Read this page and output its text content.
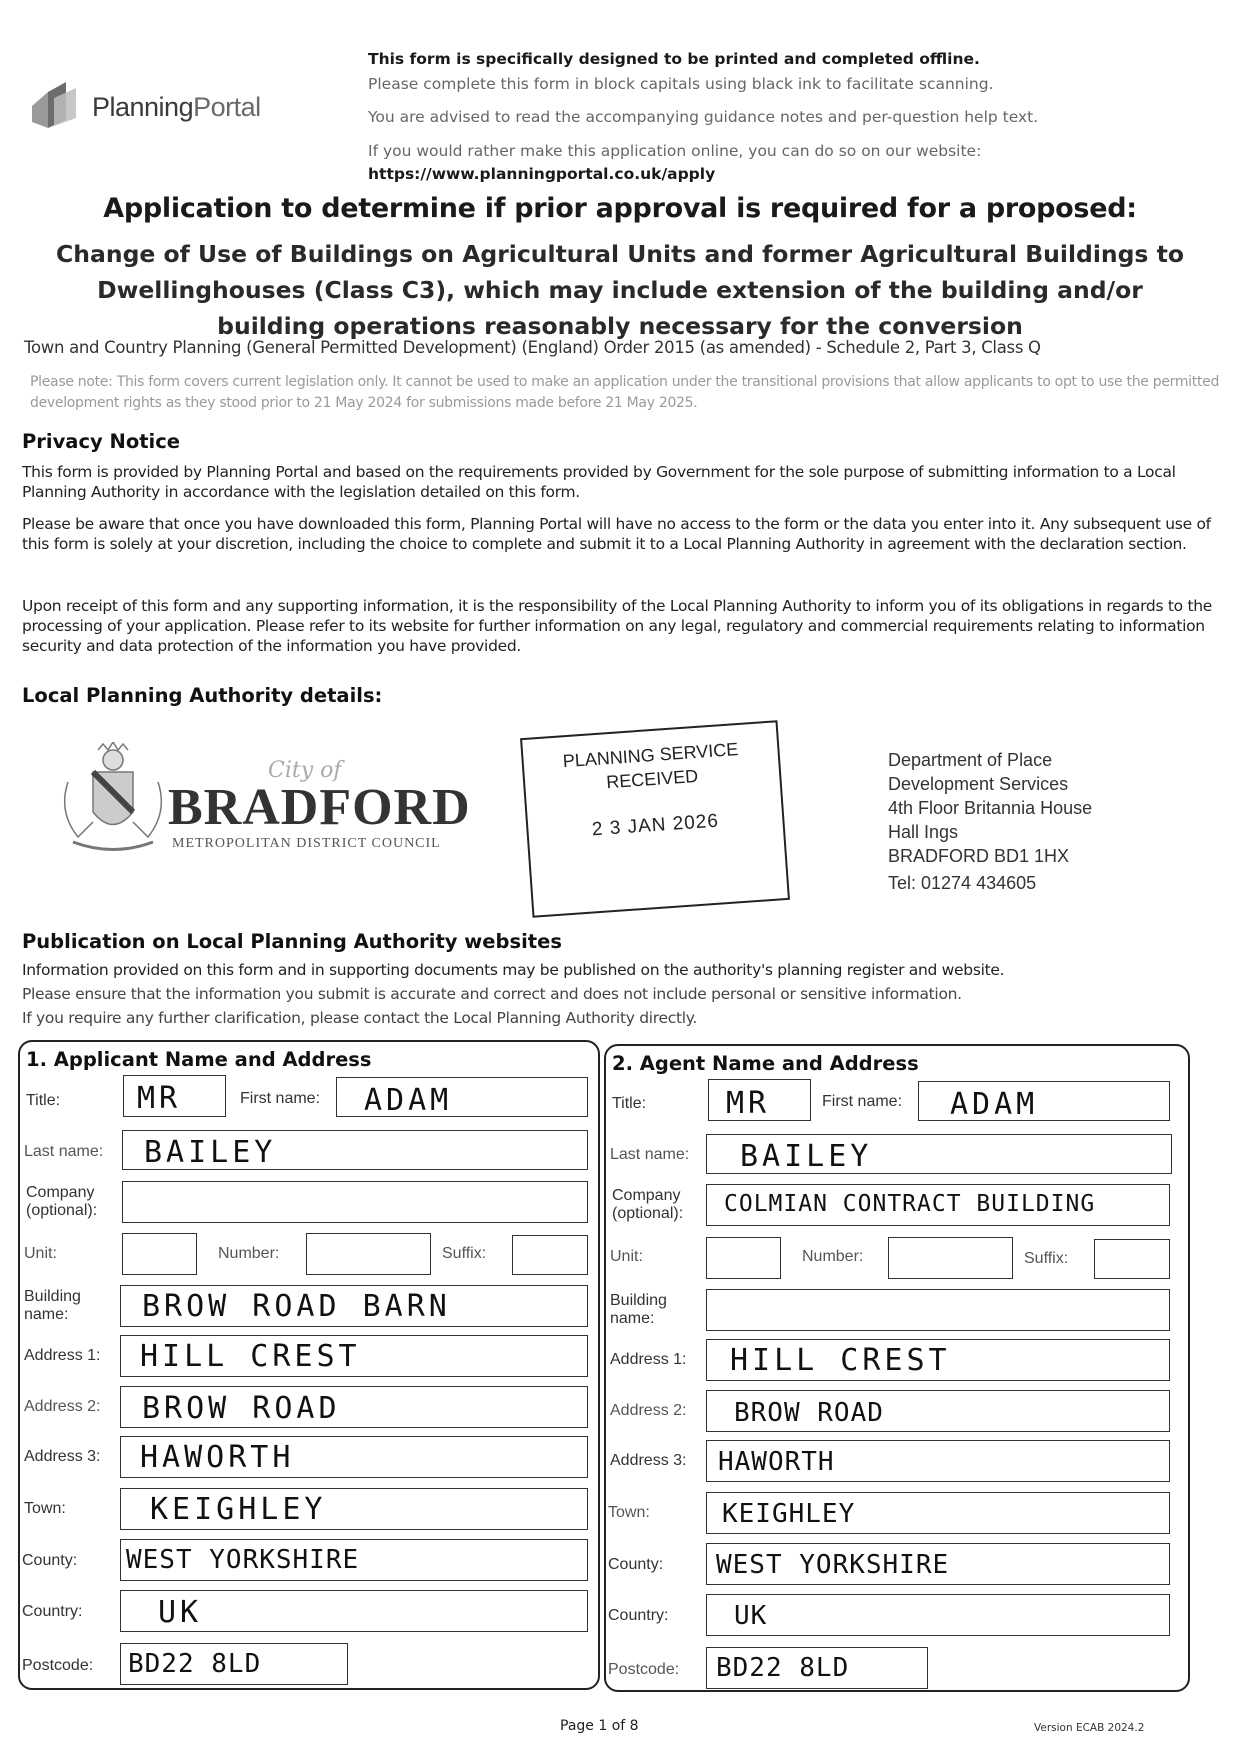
PlanningPortal
This form is specifically designed to be printed and completed offline.
Please complete this form in block capitals using black ink to facilitate scanning.
You are advised to read the accompanying guidance notes and per-question help text.
If you would rather make this application online, you can do so on our website:
https://www.planningportal.co.uk/apply
Application to determine if prior approval is required for a proposed:
Change of Use of Buildings on Agricultural Units and former Agricultural Buildings to Dwellinghouses (Class C3), which may include extension of the building and/or building operations reasonably necessary for the conversion
Town and Country Planning (General Permitted Development) (England) Order 2015 (as amended) - Schedule 2, Part 3, Class Q
Please note: This form covers current legislation only. It cannot be used to make an application under the transitional provisions that allow applicants to opt to use the permitted development rights as they stood prior to 21 May 2024 for submissions made before 21 May 2025.
Privacy Notice
This form is provided by Planning Portal and based on the requirements provided by Government for the sole purpose of submitting information to a Local Planning Authority in accordance with the legislation detailed on this form.
Please be aware that once you have downloaded this form, Planning Portal will have no access to the form or the data you enter into it. Any subsequent use of this form is solely at your discretion, including the choice to complete and submit it to a Local Planning Authority in agreement with the declaration section.
Upon receipt of this form and any supporting information, it is the responsibility of the Local Planning Authority to inform you of its obligations in regards to the processing of your application. Please refer to its website for further information on any legal, regulatory and commercial requirements relating to information security and data protection of the information you have provided.
Local Planning Authority details:
City of
BRADFORD
METROPOLITAN DISTRICT COUNCIL
PLANNING SERVICE
RECEIVED
2 3 JAN 2026
Department of Place
Development Services
4th Floor Britannia House
Hall Ings
BRADFORD BD1 1HX
Tel: 01274 434605
Publication on Local Planning Authority websites
Information provided on this form and in supporting documents may be published on the authority's planning register and website.
Please ensure that the information you submit is accurate and correct and does not include personal or sensitive information.
If you require any further clarification, please contact the Local Planning Authority directly.
1. Applicant Name and Address
Title:	MR	First name: ADAM
Last name: BAILEY
Company (optional):
Unit:	Number:	Suffix:
Building name:	BROW ROAD BARN
Address 1: HILL CREST
Address 2: BROW ROAD
Address 3: HAWORTH
Town:	KEIGHLEY
County: WEST YORKSHIRE
Country:	UK
Postcode: BD22 8LD
2. Agent Name and Address
Title:	MR	First name: ADAM
Last name: BAILEY
Company (optional):	COLMIAN CONTRACT BUILDING
Unit:	Number:	Suffix:
Building name:
Address 1: HILL CREST
Address 2: BROW ROAD
Address 3: HAWORTH
Town:	KEIGHLEY
County: WEST YORKSHIRE
Country:	UK
Postcode: BD22 8LD
Page 1 of 8	Version ECAB 2024.2
